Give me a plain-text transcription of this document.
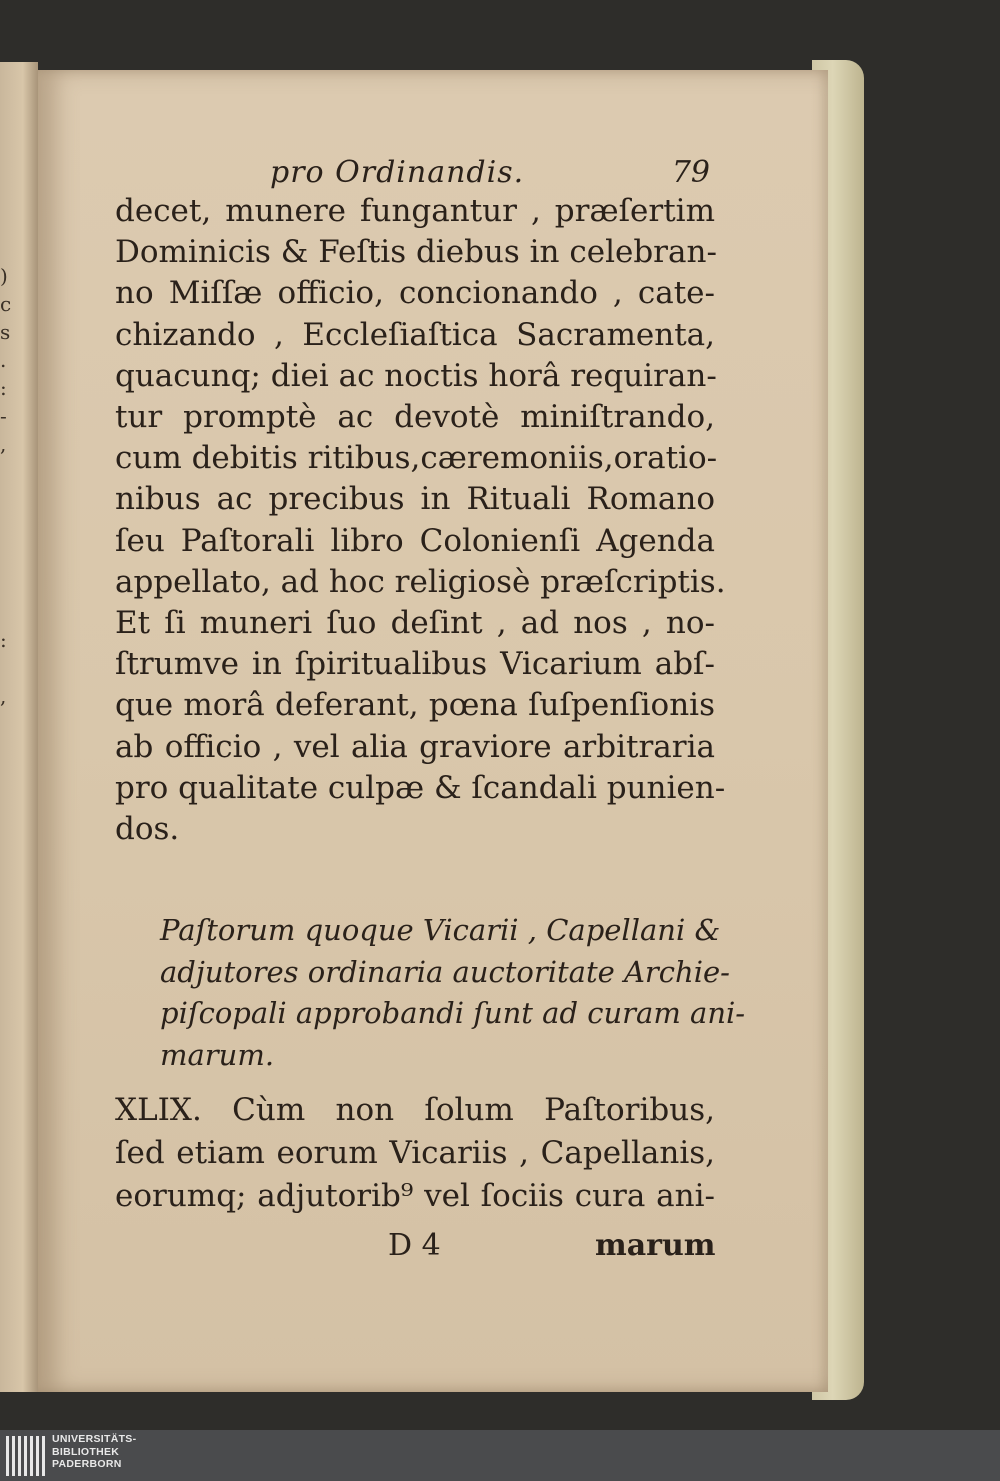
)
c
s
.
:
-
,

:

,

pro Ordinandis.	79
decet, munere fungantur , præſertim
Dominicis & Feſtis diebus in celebran-
no Miſſæ officio, concionando , cate-
chizando , Eccleſiaſtica Sacramenta,
quacunq; diei ac noctis horâ requiran-
tur promptè ac devotè miniſtrando,
cum debitis ritibus,cæremoniis,oratio-
nibus ac precibus in Rituali Romano
ſeu Paſtorali libro Colonienſi Agenda
appellato, ad hoc religiosè præſcriptis.
Et ſi muneri ſuo deſint , ad nos , no-
ſtrumve in ſpiritualibus Vicarium abſ-
que morâ deferant, pœna ſuſpenſionis
ab officio , vel alia graviore arbitraria
pro qualitate culpæ & ſcandali punien-
dos.
Paſtorum quoque Vicarii , Capellani &
adjutores ordinaria auctoritate Archie-
piſcopali approbandi ſunt ad curam ani-
marum.
XLIX. Cùm non ſolum Paſtoribus,
ſed etiam eorum Vicariis , Capellanis,
eorumq; adjutorib⁹ vel ſociis cura ani-
D 4	marum
UNIVERSITÄTS-
BIBLIOTHEK
PADERBORN
